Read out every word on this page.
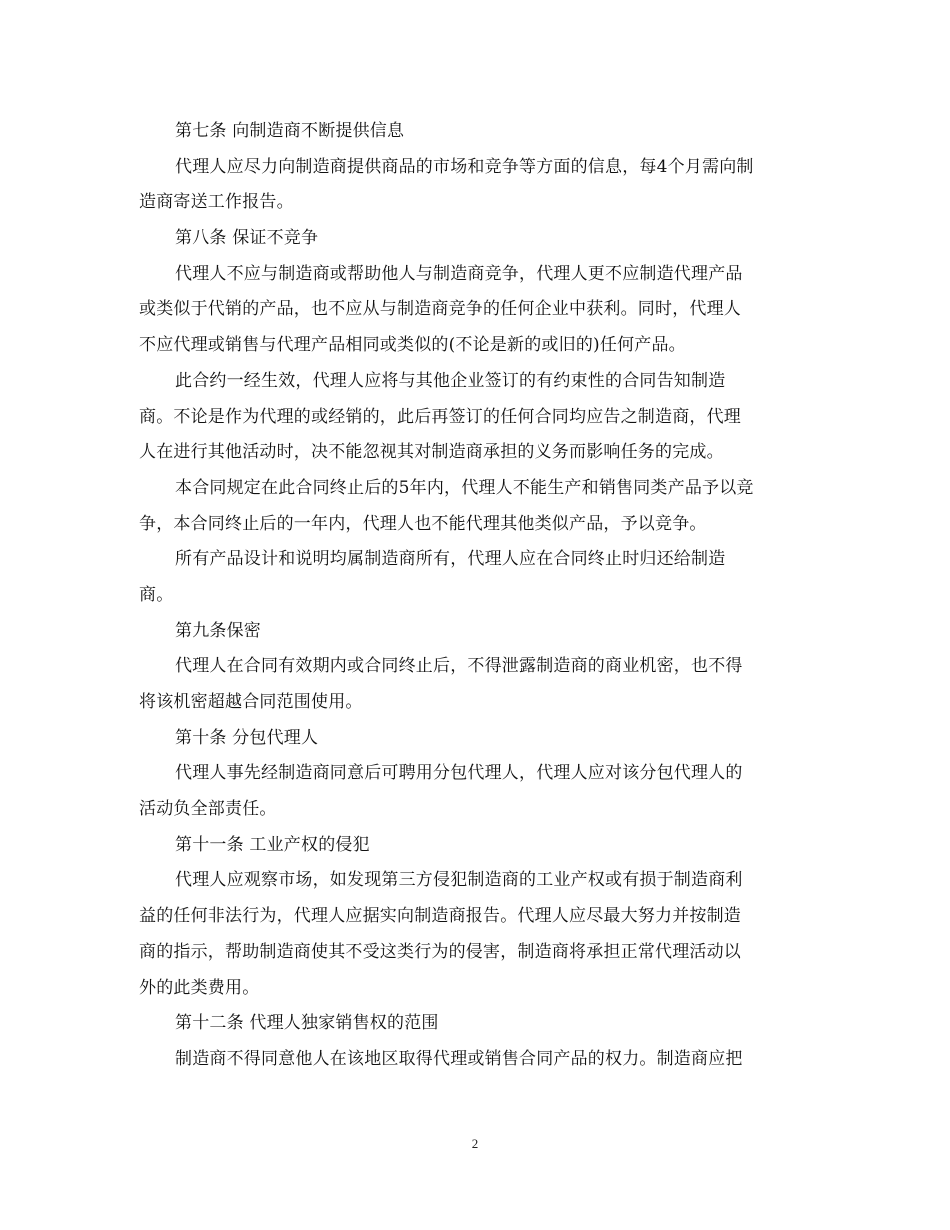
第七条 向制造商不断提供信息
代理人应尽力向制造商提供商品的市场和竞争等方面的信息，每4个月需向制
造商寄送工作报告。
第八条 保证不竞争
代理人不应与制造商或帮助他人与制造商竞争，代理人更不应制造代理产品
或类似于代销的产品，也不应从与制造商竞争的任何企业中获利。同时，代理人
不应代理或销售与代理产品相同或类似的(不论是新的或旧的)任何产品。
此合约一经生效，代理人应将与其他企业签订的有约束性的合同告知制造
商。不论是作为代理的或经销的，此后再签订的任何合同均应告之制造商，代理
人在进行其他活动时，决不能忽视其对制造商承担的义务而影响任务的完成。
本合同规定在此合同终止后的5年内，代理人不能生产和销售同类产品予以竞
争，本合同终止后的一年内，代理人也不能代理其他类似产品，予以竞争。
所有产品设计和说明均属制造商所有，代理人应在合同终止时归还给制造
商。
第九条保密
代理人在合同有效期内或合同终止后，不得泄露制造商的商业机密，也不得
将该机密超越合同范围使用。
第十条 分包代理人
代理人事先经制造商同意后可聘用分包代理人，代理人应对该分包代理人的
活动负全部责任。
第十一条 工业产权的侵犯
代理人应观察市场，如发现第三方侵犯制造商的工业产权或有损于制造商利
益的任何非法行为，代理人应据实向制造商报告。代理人应尽最大努力并按制造
商的指示，帮助制造商使其不受这类行为的侵害，制造商将承担正常代理活动以
外的此类费用。
第十二条 代理人独家销售权的范围
制造商不得同意他人在该地区取得代理或销售合同产品的权力。制造商应把
2
